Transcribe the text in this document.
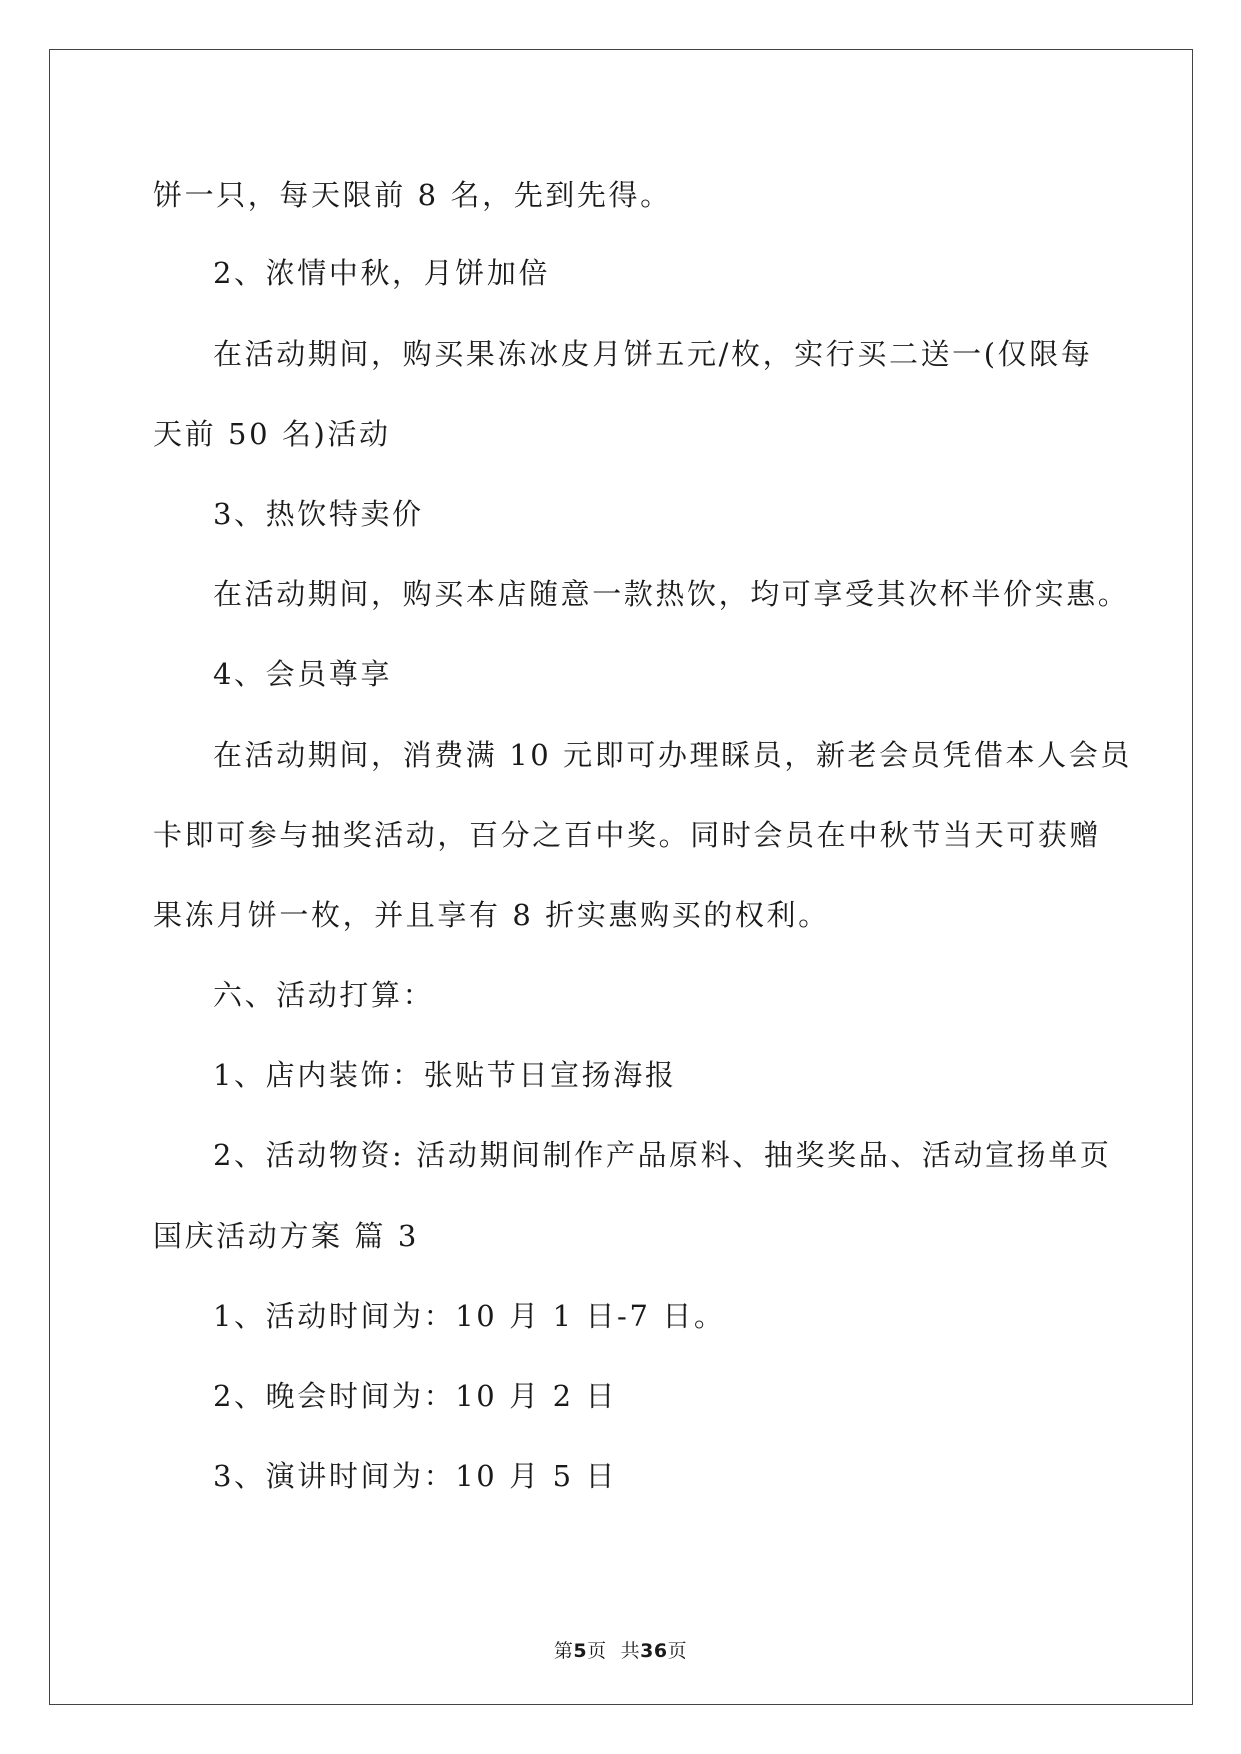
饼一只，每天限前 8 名，先到先得。
2、浓情中秋，月饼加倍
在活动期间，购买果冻冰皮月饼五元/枚，实行买二送一(仅限每
天前 50 名)活动
3、热饮特卖价
在活动期间，购买本店随意一款热饮，均可享受其次杯半价实惠。
4、会员尊享
在活动期间，消费满 10 元即可办理睬员，新老会员凭借本人会员
卡即可参与抽奖活动，百分之百中奖。同时会员在中秋节当天可获赠
果冻月饼一枚，并且享有 8 折实惠购买的权利。
六、活动打算：
1、店内装饰：张贴节日宣扬海报
2、活动物资: 活动期间制作产品原料、抽奖奖品、活动宣扬单页
国庆活动方案 篇 3
1、活动时间为：10 月 1 日-7 日。
2、晚会时间为：10 月 2 日
3、演讲时间为：10 月 5 日
第5页 共36页
